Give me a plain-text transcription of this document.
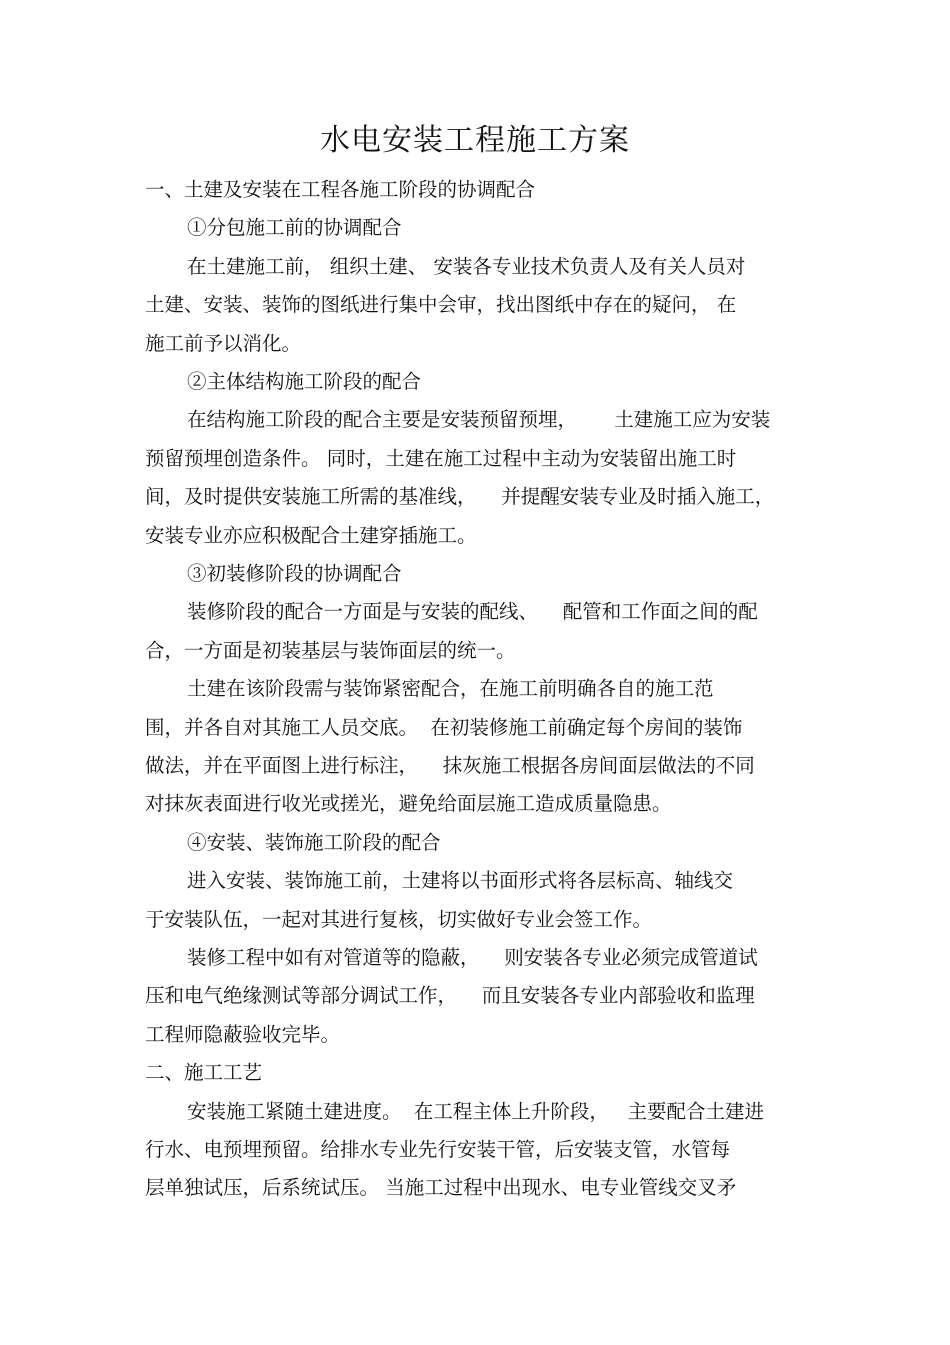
水电安装工程施工方案
一、土建及安装在工程各施工阶段的协调配合
①分包施工前的协调配合
在土建施工前， 组织土建、 安装各专业技术负责人及有关人员对
土建、安装、装饰的图纸进行集中会审，找出图纸中存在的疑问， 在
施工前予以消化。
②主体结构施工阶段的配合
在结构施工阶段的配合主要是安装预留预埋，      土建施工应为安装
预留预埋创造条件。 同时，土建在施工过程中主动为安装留出施工时
间，及时提供安装施工所需的基准线，    并提醒安装专业及时插入施工，
安装专业亦应积极配合土建穿插施工。
③初装修阶段的协调配合
装修阶段的配合一方面是与安装的配线、    配管和工作面之间的配
合，一方面是初装基层与装饰面层的统一。
土建在该阶段需与装饰紧密配合，在施工前明确各自的施工范
围，并各自对其施工人员交底。  在初装修施工前确定每个房间的装饰
做法，并在平面图上进行标注，    抹灰施工根据各房间面层做法的不同
对抹灰表面进行收光或搓光，避免给面层施工造成质量隐患。
④安装、装饰施工阶段的配合
进入安装、装饰施工前，土建将以书面形式将各层标高、轴线交
于安装队伍，一起对其进行复核，切实做好专业会签工作。
装修工程中如有对管道等的隐蔽，    则安装各专业必须完成管道试
压和电气绝缘测试等部分调试工作，    而且安装各专业内部验收和监理
工程师隐蔽验收完毕。
二、施工工艺
安装施工紧随土建进度。  在工程主体上升阶段，   主要配合土建进
行水、电预埋预留。给排水专业先行安装干管，后安装支管，水管每
层单独试压，后系统试压。 当施工过程中出现水、电专业管线交叉矛
